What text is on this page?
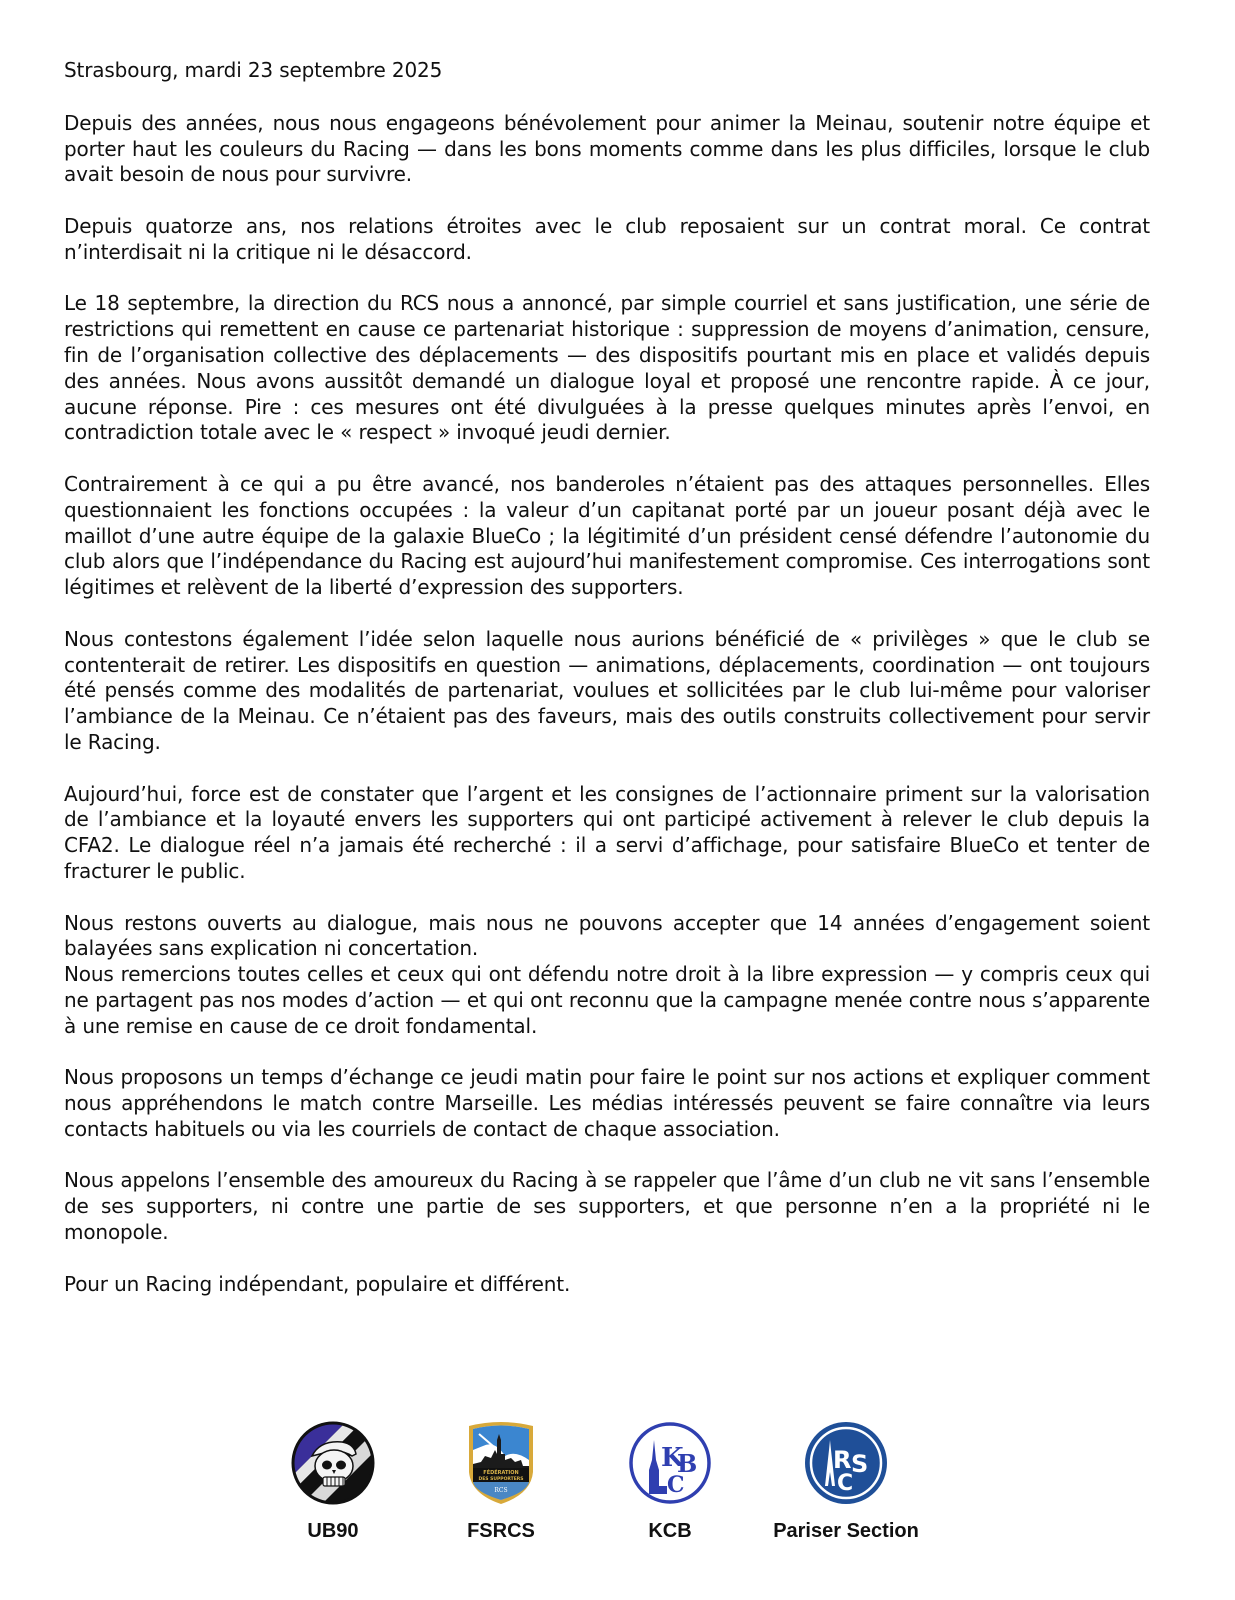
Strasbourg, mardi 23 septembre 2025

Depuis des années, nous nous engageons bénévolement pour animer la Meinau, soutenir notre équipe et porter haut les couleurs du Racing — dans les bons moments comme dans les plus difficiles, lorsque le club avait besoin de nous pour survivre.

Depuis quatorze ans, nos relations étroites avec le club reposaient sur un contrat moral. Ce contrat n’interdisait ni la critique ni le désaccord.

Le 18 septembre, la direction du RCS nous a annoncé, par simple courriel et sans justification, une série de restrictions qui remettent en cause ce partenariat historique : suppression de moyens d’animation, censure, fin de l’organisation collective des déplacements — des dispositifs pourtant mis en place et validés depuis des années. Nous avons aussitôt demandé un dialogue loyal et proposé une rencontre rapide. À ce jour, aucune réponse. Pire : ces mesures ont été divulguées à la presse quelques minutes après l’envoi, en contradiction totale avec le « respect » invoqué jeudi dernier.

Contrairement à ce qui a pu être avancé, nos banderoles n’étaient pas des attaques personnelles. Elles questionnaient les fonctions occupées : la valeur d’un capitanat porté par un joueur posant déjà avec le maillot d’une autre équipe de la galaxie BlueCo ; la légitimité d’un président censé défendre l’autonomie du club alors que l’indépendance du Racing est aujourd’hui manifestement compromise. Ces interrogations sont légitimes et relèvent de la liberté d’expression des supporters.

Nous contestons également l’idée selon laquelle nous aurions bénéficié de « privilèges » que le club se contenterait de retirer. Les dispositifs en question — animations, déplacements, coordination — ont toujours été pensés comme des modalités de partenariat, voulues et sollicitées par le club lui-même pour valoriser l’ambiance de la Meinau. Ce n’étaient pas des faveurs, mais des outils construits collectivement pour servir le Racing.

Aujourd’hui, force est de constater que l’argent et les consignes de l’actionnaire priment sur la valorisation de l’ambiance et la loyauté envers les supporters qui ont participé activement à relever le club depuis la CFA2. Le dialogue réel n’a jamais été recherché : il a servi d’affichage, pour satisfaire BlueCo et tenter de fracturer le public.

Nous restons ouverts au dialogue, mais nous ne pouvons accepter que 14 années d’engagement soient balayées sans explication ni concertation.
Nous remercions toutes celles et ceux qui ont défendu notre droit à la libre expression — y compris ceux qui ne partagent pas nos modes d’action — et qui ont reconnu que la campagne menée contre nous s’apparente à une remise en cause de ce droit fondamental.

Nous proposons un temps d’échange ce jeudi matin pour faire le point sur nos actions et expliquer comment nous appréhendons le match contre Marseille. Les médias intéressés peuvent se faire connaître via leurs contacts habituels ou via les courriels de contact de chaque association.

Nous appelons l’ensemble des amoureux du Racing à se rappeler que l’âme d’un club ne vit sans l’ensemble de ses supporters, ni contre une partie de ses supporters, et que personne n’en a la propriété ni le monopole.

Pour un Racing indépendant, populaire et différent.

UB90
FÉDÉRATION
DES SUPPORTERS
RCS
FSRCS
K
B
C
KCB
R S
C
Pariser Section
